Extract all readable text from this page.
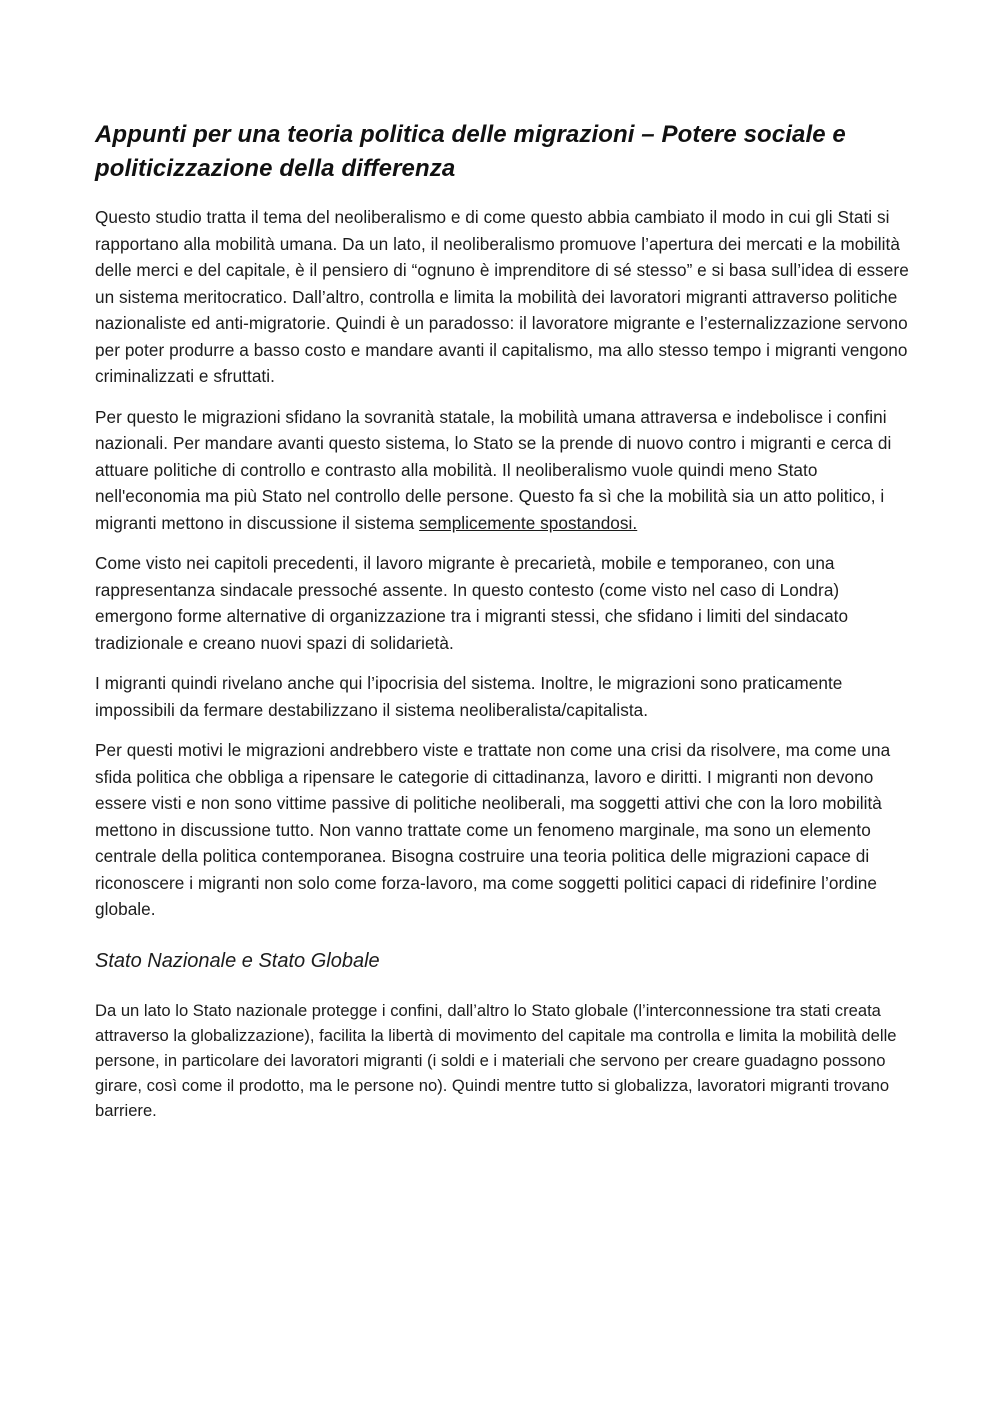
Appunti per una teoria politica delle migrazioni – Potere sociale e politicizzazione della differenza

Questo studio tratta il tema del neoliberalismo e di come questo abbia cambiato il modo in cui gli Stati si rapportano alla mobilità umana. Da un lato, il neoliberalismo promuove l’apertura dei mercati e la mobilità delle merci e del capitale, è il pensiero di “ognuno è imprenditore di sé stesso” e si basa sull’idea di essere un sistema meritocratico. Dall’altro, controlla e limita la mobilità dei lavoratori migranti attraverso politiche nazionaliste ed anti-migratorie. Quindi è un paradosso: il lavoratore migrante e l’esternalizzazione servono per poter produrre a basso costo e mandare avanti il capitalismo, ma allo stesso tempo i migranti vengono criminalizzati e sfruttati.

Per questo le migrazioni sfidano la sovranità statale, la mobilità umana attraversa e indebolisce i confini nazionali. Per mandare avanti questo sistema, lo Stato se la prende di nuovo contro i migranti e cerca di attuare politiche di controllo e contrasto alla mobilità. Il neoliberalismo vuole quindi meno Stato nell'economia ma più Stato nel controllo delle persone. Questo fa sì che la mobilità sia un atto politico, i migranti mettono in discussione il sistema semplicemente spostandosi.

Come visto nei capitoli precedenti, il lavoro migrante è precarietà, mobile e temporaneo, con una rappresentanza sindacale pressoché assente. In questo contesto (come visto nel caso di Londra) emergono forme alternative di organizzazione tra i migranti stessi, che sfidano i limiti del sindacato tradizionale e creano nuovi spazi di solidarietà.

I migranti quindi rivelano anche qui l’ipocrisia del sistema. Inoltre, le migrazioni sono praticamente impossibili da fermare destabilizzano il sistema neoliberalista/capitalista.

Per questi motivi le migrazioni andrebbero viste e trattate non come una crisi da risolvere, ma come una sfida politica che obbliga a ripensare le categorie di cittadinanza, lavoro e diritti. I migranti non devono essere visti e non sono vittime passive di politiche neoliberali, ma soggetti attivi che con la loro mobilità mettono in discussione tutto. Non vanno trattate come un fenomeno marginale, ma sono un elemento centrale della politica contemporanea. Bisogna costruire una teoria politica delle migrazioni capace di riconoscere i migranti non solo come forza-lavoro, ma come soggetti politici capaci di ridefinire l’ordine globale.

Stato Nazionale e Stato Globale

Da un lato lo Stato nazionale protegge i confini, dall’altro lo Stato globale (l’interconnessione tra stati creata attraverso la globalizzazione), facilita la libertà di movimento del capitale ma controlla e limita la mobilità delle persone, in particolare dei lavoratori migranti (i soldi e i materiali che servono per creare guadagno possono girare, così come il prodotto, ma le persone no). Quindi mentre tutto si globalizza, lavoratori migranti trovano barriere.
